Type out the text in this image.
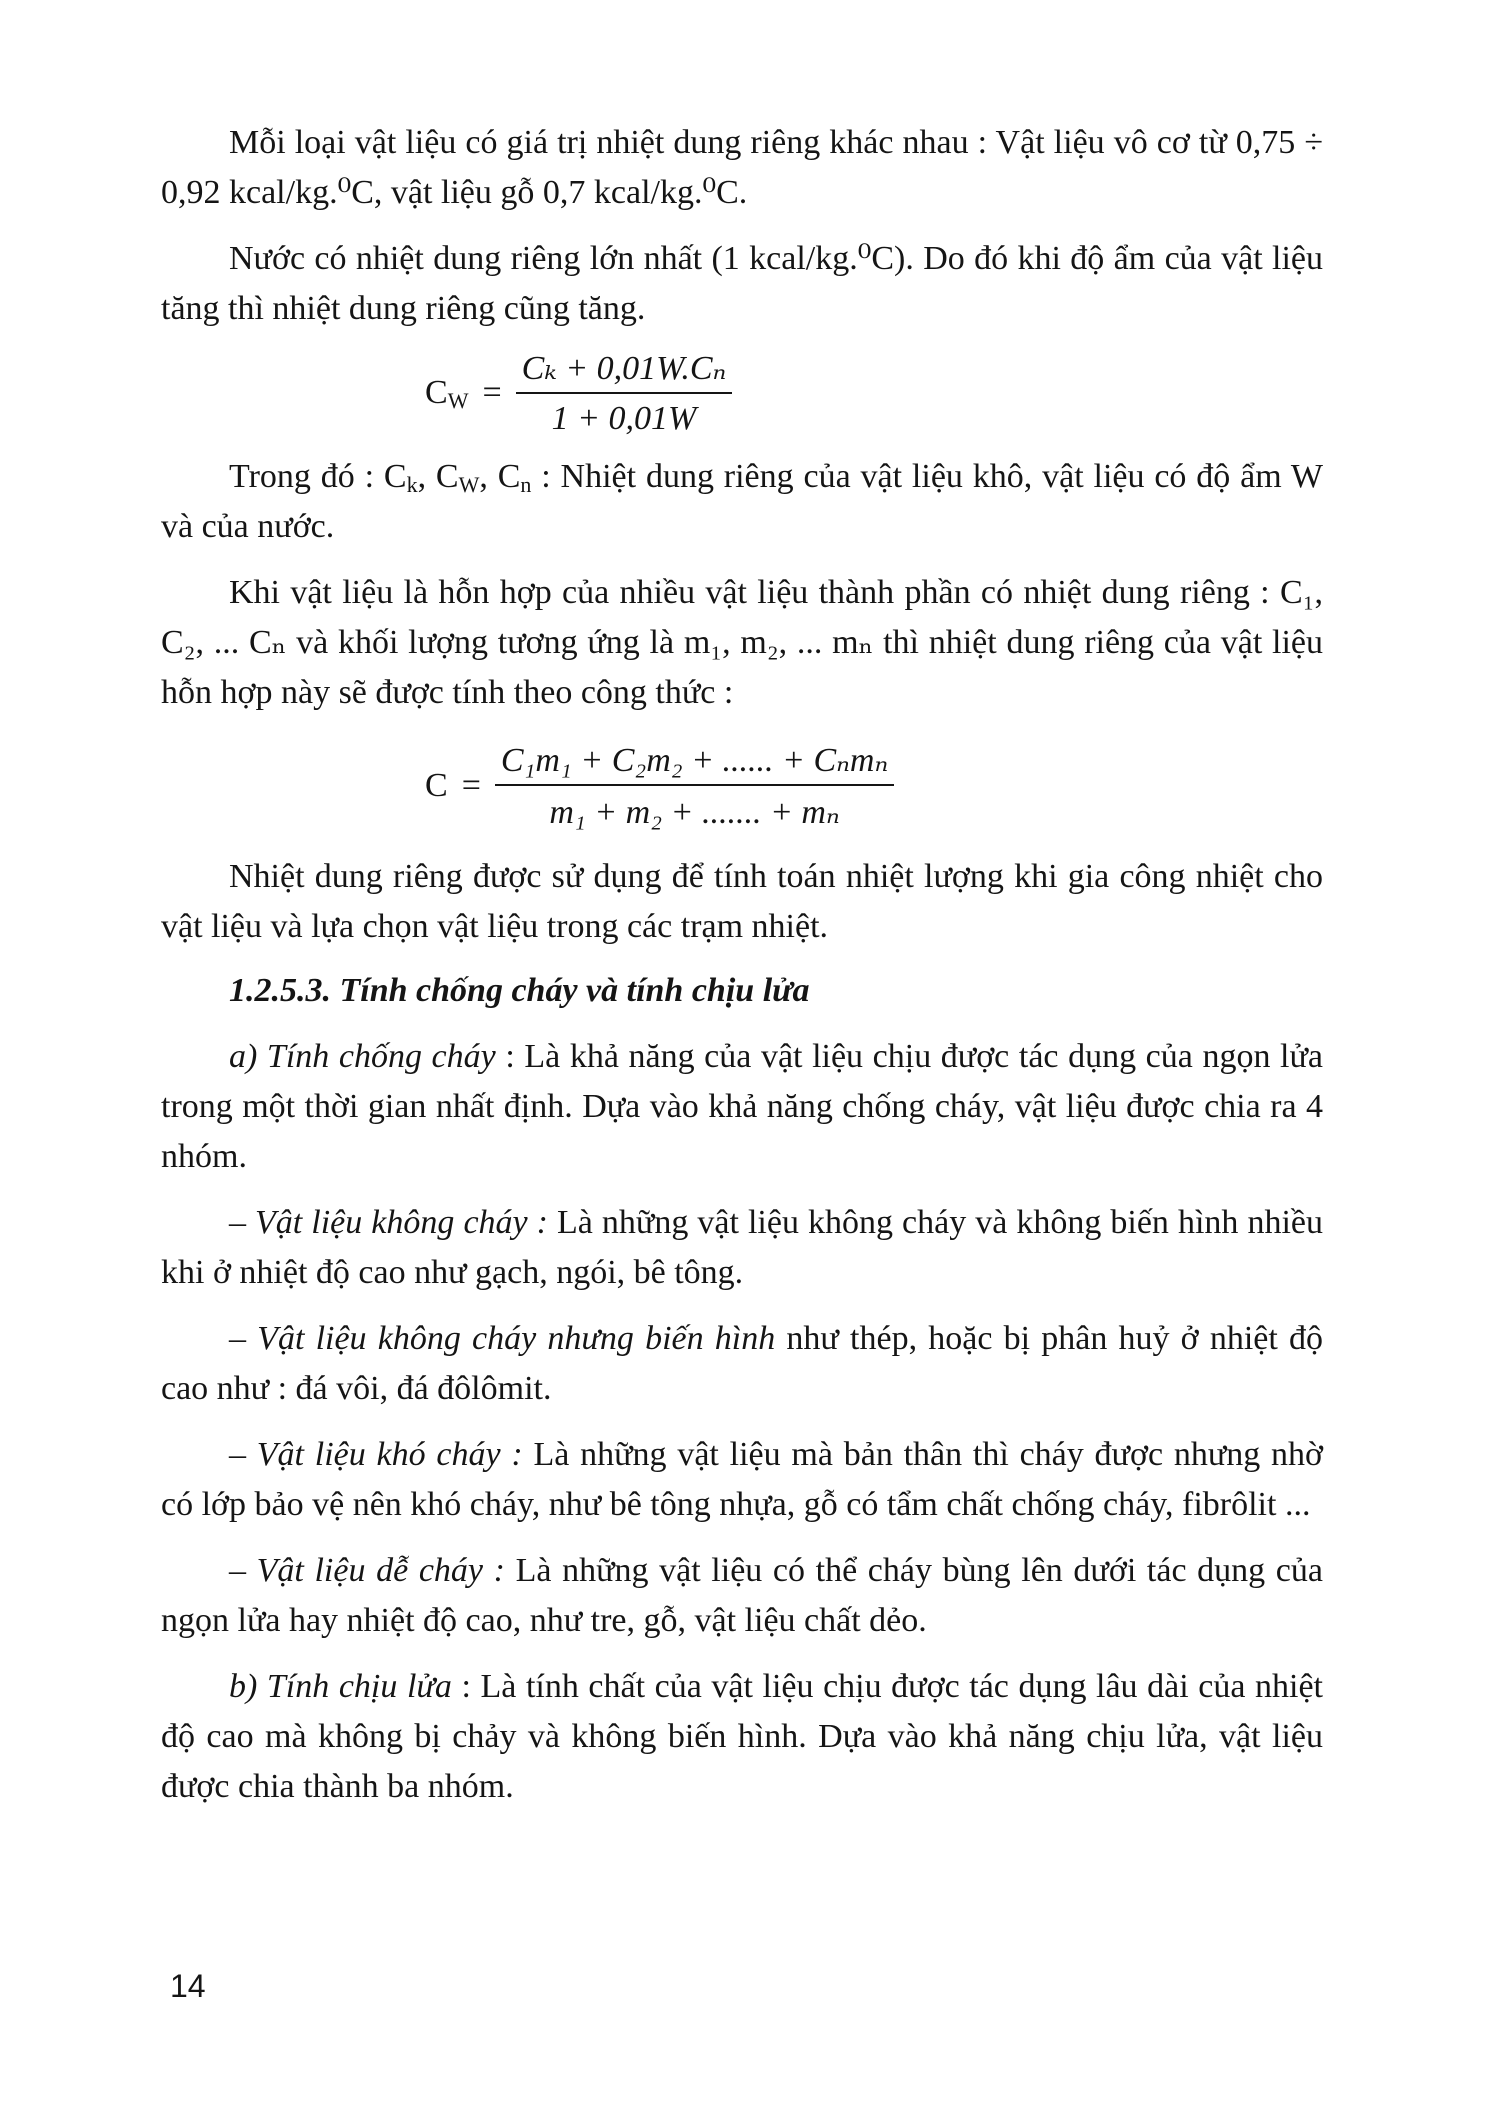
Mỗi loại vật liệu có giá trị nhiệt dung riêng khác nhau : Vật liệu vô cơ từ 0,75 ÷ 0,92 kcal/kg.⁰C, vật liệu gỗ 0,7 kcal/kg.⁰C.

Nước có nhiệt dung riêng lớn nhất (1 kcal/kg.⁰C). Do đó khi độ ẩm của vật liệu tăng thì nhiệt dung riêng cũng tăng.

$C_W = \frac{\text{Cₖ + 0,01W.Cₙ}}{1 + 0,01W}$

Trong đó : $C_k$, $C_W$, $C_n$ : Nhiệt dung riêng của vật liệu khô, vật liệu có độ ẩm W và của nước.

Khi vật liệu là hỗn hợp của nhiều vật liệu thành phần có nhiệt dung riêng : C₁, C₂, ... Cₙ và khối lượng tương ứng là m₁, m₂, ... mₙ thì nhiệt dung riêng của vật liệu hỗn hợp này sẽ được tính theo công thức :

$C = \frac{\text{C₁m₁ + C₂m₂ + ...... + Cₙmₙ}}{\text{m₁ + m₂ + ....... + mₙ}}$

Nhiệt dung riêng được sử dụng để tính toán nhiệt lượng khi gia công nhiệt cho vật liệu và lựa chọn vật liệu trong các trạm nhiệt.

1.2.5.3. Tính chống cháy và tính chịu lửa

a) Tính chống cháy : Là khả năng của vật liệu chịu được tác dụng của ngọn lửa trong một thời gian nhất định. Dựa vào khả năng chống cháy, vật liệu được chia ra 4 nhóm.

– Vật liệu không cháy : Là những vật liệu không cháy và không biến hình nhiều khi ở nhiệt độ cao như gạch, ngói, bê tông.

– Vật liệu không cháy nhưng biến hình như thép, hoặc bị phân huỷ ở nhiệt độ cao như : đá vôi, đá đôlômit.

– Vật liệu khó cháy : Là những vật liệu mà bản thân thì cháy được nhưng nhờ có lớp bảo vệ nên khó cháy, như bê tông nhựa, gỗ có tẩm chất chống cháy, fibrôlit ...

– Vật liệu dễ cháy : Là những vật liệu có thể cháy bùng lên dưới tác dụng của ngọn lửa hay nhiệt độ cao, như tre, gỗ, vật liệu chất dẻo.

b) Tính chịu lửa : Là tính chất của vật liệu chịu được tác dụng lâu dài của nhiệt độ cao mà không bị chảy và không biến hình. Dựa vào khả năng chịu lửa, vật liệu được chia thành ba nhóm.

14
